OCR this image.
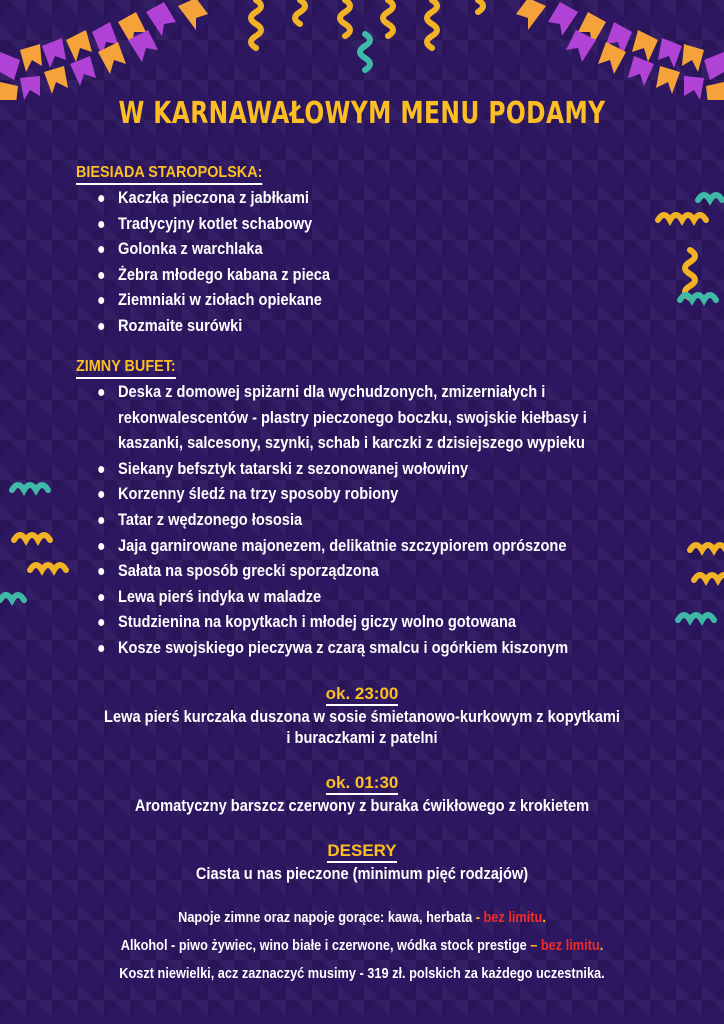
W KARNAWAŁOWYM MENU PODAMY
BIESIADA STAROPOLSKA:
Kaczka pieczona z jabłkami
Tradycyjny kotlet schabowy
Golonka z warchlaka
Żebra młodego kabana z pieca
Ziemniaki w ziołach opiekane
Rozmaite surówki
ZIMNY BUFET:
Deska z domowej spiżarni dla wychudzonych, zmizerniałych i rekonwalescentów - plastry pieczonego boczku, swojskie kiełbasy i kaszanki, salcesony, szynki, schab i karczki z dzisiejszego wypieku
Siekany befsztyk tatarski z sezonowanej wołowiny
Korzenny śledź na trzy sposoby robiony
Tatar z wędzonego łososia
Jaja garnirowane majonezem, delikatnie szczypiorem oprószone
Sałata na sposób grecki sporządzona
Lewa pierś indyka w maladze
Studzienina na kopytkach i młodej giczy wolno gotowana
Kosze swojskiego pieczywa z czarą smalcu i ogórkiem kiszonym
ok. 23:00
Lewa pierś kurczaka duszona w sosie śmietanowo-kurkowym z kopytkami
i buraczkami z patelni
ok. 01:30
Aromatyczny barszcz czerwony z buraka ćwikłowego z krokietem
DESERY
Ciasta u nas pieczone (minimum pięć rodzajów)
Napoje zimne oraz napoje gorące: kawa, herbata - bez limitu.
Alkohol - piwo żywiec, wino białe i czerwone, wódka stock prestige – bez limitu.
Koszt niewielki, acz zaznaczyć musimy - 319 zł. polskich za każdego uczestnika.
